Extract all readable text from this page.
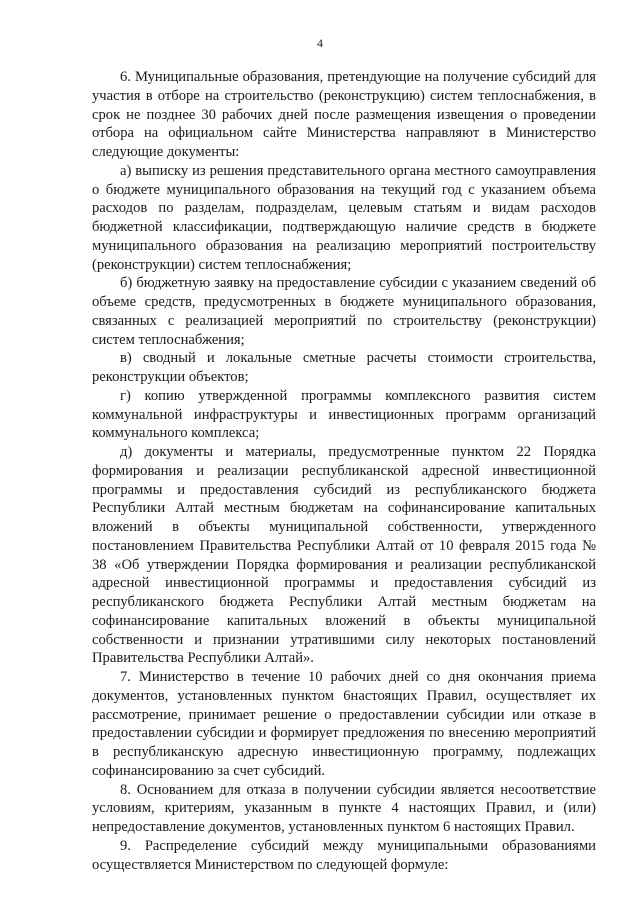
4

6. Муниципальные образования, претендующие на получение субсидий для участия в отборе на строительство (реконструкцию) систем теплоснабжения, в срок не позднее 30 рабочих дней после размещения извещения о проведении отбора на официальном сайте Министерства направляют в Министерство следующие документы:

а) выписку из решения представительного органа местного самоуправления о бюджете муниципального образования на текущий год с указанием объема расходов по разделам, подразделам, целевым статьям и видам расходов бюджетной классификации, подтверждающую наличие средств в бюджете муниципального образования на реализацию мероприятий построительству (реконструкции) систем теплоснабжения;

б) бюджетную заявку на предоставление субсидии с указанием сведений об объеме средств, предусмотренных в бюджете муниципального образования, связанных с реализацией мероприятий по строительству (реконструкции) систем теплоснабжения;

в) сводный и локальные сметные расчеты стоимости строительства, реконструкции объектов;

г) копию утвержденной программы комплексного развития систем коммунальной инфраструктуры и инвестиционных программ организаций коммунального комплекса;

д) документы и материалы, предусмотренные пунктом 22 Порядка формирования и реализации республиканской адресной инвестиционной программы и предоставления субсидий из республиканского бюджета Республики Алтай местным бюджетам на софинансирование капитальных вложений в объекты муниципальной собственности, утвержденного постановлением Правительства Республики Алтай от 10 февраля 2015 года № 38 «Об утверждении Порядка формирования и реализации республиканской адресной инвестиционной программы и предоставления субсидий из республиканского бюджета Республики Алтай местным бюджетам на софинансирование капитальных вложений в объекты муниципальной собственности и признании утратившими силу некоторых постановлений Правительства Республики Алтай».

7. Министерство в течение 10 рабочих дней со дня окончания приема документов, установленных пунктом 6настоящих Правил, осуществляет их рассмотрение, принимает решение о предоставлении субсидии или отказе в предоставлении субсидии и формирует предложения по внесению мероприятий в республиканскую адресную инвестиционную программу, подлежащих софинансированию за счет субсидий.

8. Основанием для отказа в получении субсидии является несоответствие условиям, критериям, указанным в пункте 4 настоящих Правил, и (или) непредоставление документов, установленных пунктом 6 настоящих Правил.

9. Распределение субсидий между муниципальными образованиями осуществляется Министерством по следующей формуле:
